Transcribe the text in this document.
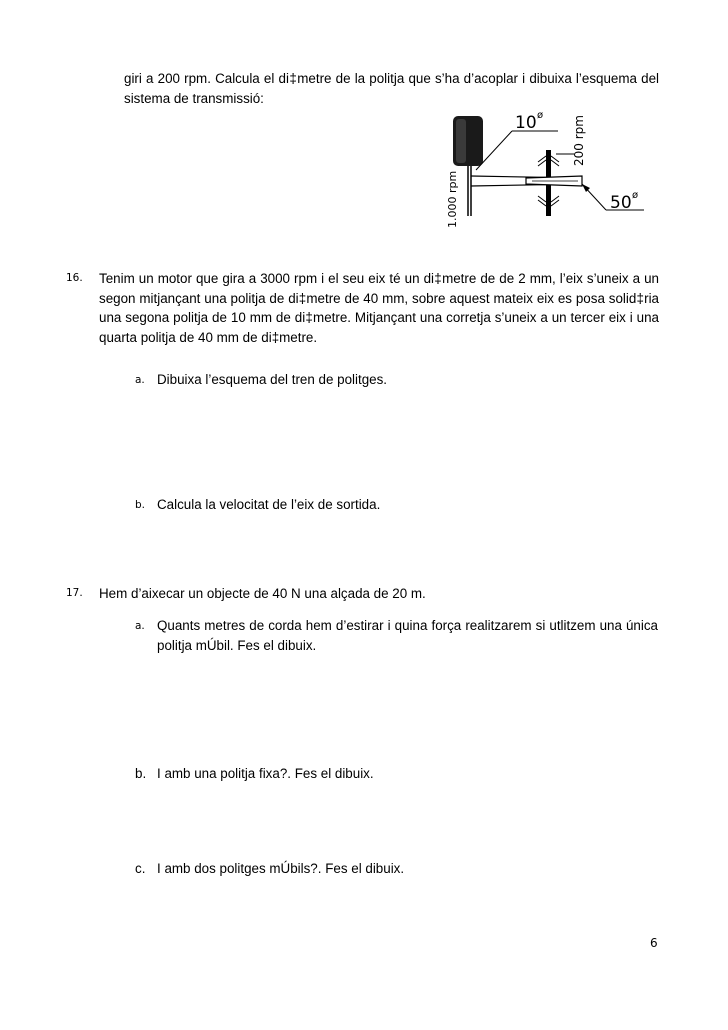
giri a 200 rpm. Calcula el di‡metre de la politja que s’ha d’acoplar i dibuixa l’esquema del sistema de transmissió:
10 ø 200 rpm
1.000 rpm	50 ø
16. Tenim un motor que gira a 3000 rpm i el seu eix té un di‡metre de de 2 mm, l’eix s’uneix a un segon mitjançant una politja de di‡metre de 40 mm, sobre aquest mateix eix es posa solid‡ria una segona politja de 10 mm de di‡metre. Mitjançant una corretja s’uneix a un tercer eix i una quarta politja de 40 mm de di‡metre.
a. Dibuixa l’esquema del tren de politges.
b. Calcula la velocitat de l’eix de sortida.
17. Hem d’aixecar un objecte de 40 N una alçada de 20 m.
a. Quants metres de corda hem d’estirar i quina força realitzarem si utlitzem una única politja mÚbil. Fes el dibuix.
b. I amb una politja fixa?. Fes el dibuix.
c. I amb dos politges mÚbils?. Fes el dibuix.
6
